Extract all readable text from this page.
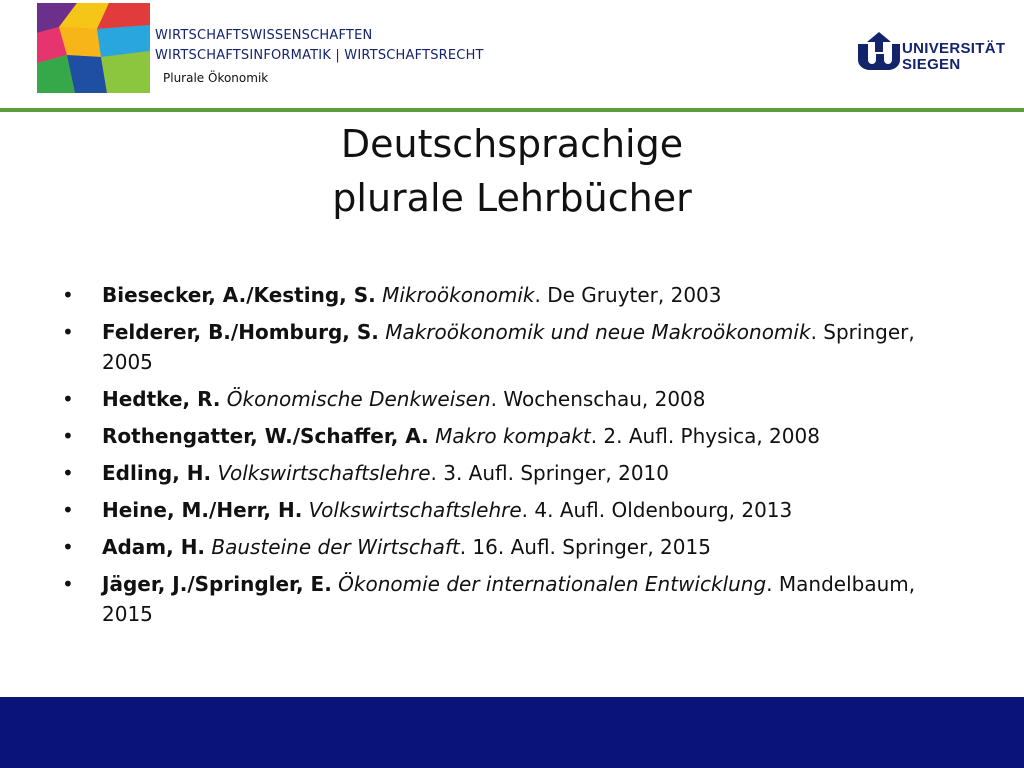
WIRTSCHAFTSWISSENSCHAFTEN
WIRTSCHAFTSINFORMATIK | WIRTSCHAFTSRECHT
Plurale Ökonomik
UNIVERSITÄT
SIEGEN
Deutschsprachige
plurale Lehrbücher
• Biesecker, A./Kesting, S. Mikroökonomik. De Gruyter, 2003
• Felderer, B./Homburg, S. Makroökonomik und neue Makroökonomik. Springer, 2005
• Hedtke, R. Ökonomische Denkweisen. Wochenschau, 2008
• Rothengatter, W./Schaffer, A. Makro kompakt. 2. Aufl. Physica, 2008
• Edling, H. Volkswirtschaftslehre. 3. Aufl. Springer, 2010
• Heine, M./Herr, H. Volkswirtschaftslehre. 4. Aufl. Oldenbourg, 2013
• Adam, H. Bausteine der Wirtschaft. 16. Aufl. Springer, 2015
• Jäger, J./Springler, E. Ökonomie der internationalen Entwicklung. Mandelbaum, 2015
